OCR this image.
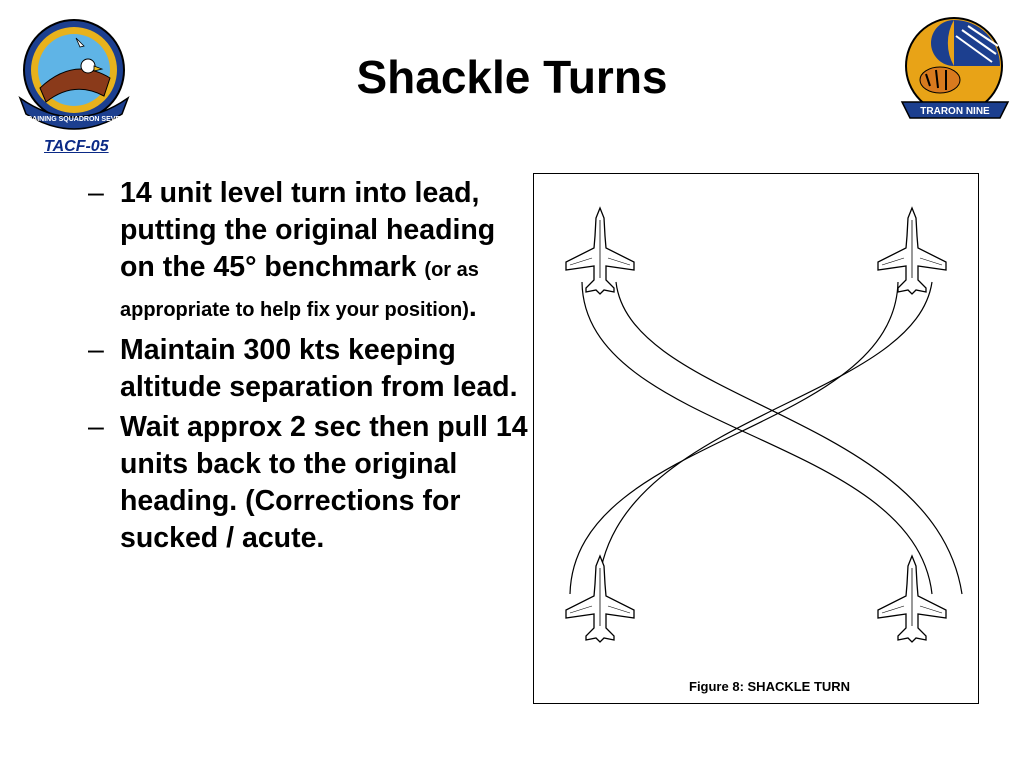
TRAINING SQUADRON SEVEN
Shackle Turns
TRARON NINE
TACF-05
– 14 unit level turn into lead, putting the original heading on the 45° benchmark (or as appropriate to help fix your position).
– Maintain 300 kts keeping altitude separation from lead.
– Wait approx 2 sec then pull 14 units back to the original heading. (Corrections for sucked / acute.
Figure 8: SHACKLE TURN
